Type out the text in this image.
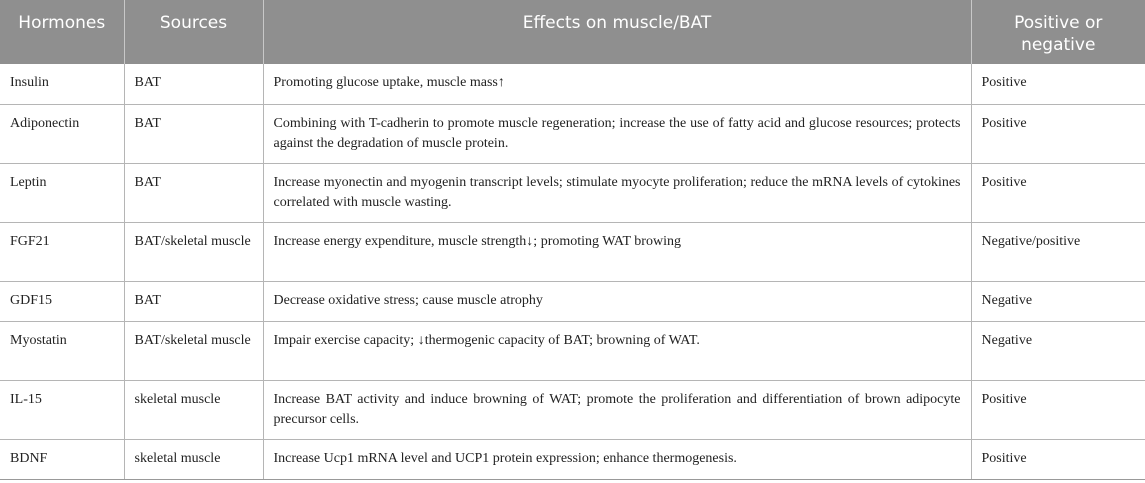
Hormones	Sources	Effects on muscle/BAT	Positive or negative
Insulin	BAT	Promoting glucose uptake, muscle mass↑	Positive
Adiponectin	BAT	Combining with T-cadherin to promote muscle regeneration; increase the use of fatty acid and glucose resources; protects against the degradation of muscle protein.	Positive
Leptin	BAT	Increase myonectin and myogenin transcript levels; stimulate myocyte proliferation; reduce the mRNA levels of cytokines correlated with muscle wasting.	Positive
FGF21	BAT/skeletal muscle	Increase energy expenditure, muscle strength↓; promoting WAT browing	Negative/positive
GDF15	BAT	Decrease oxidative stress; cause muscle atrophy	Negative
Myostatin	BAT/skeletal muscle	Impair exercise capacity; ↓thermogenic capacity of BAT; browning of WAT.	Negative
IL-15	skeletal muscle	Increase BAT activity and induce browning of WAT; promote the proliferation and differentiation of brown adipocyte precursor cells.	Positive
BDNF	skeletal muscle	Increase Ucp1 mRNA level and UCP1 protein expression; enhance thermogenesis.	Positive
